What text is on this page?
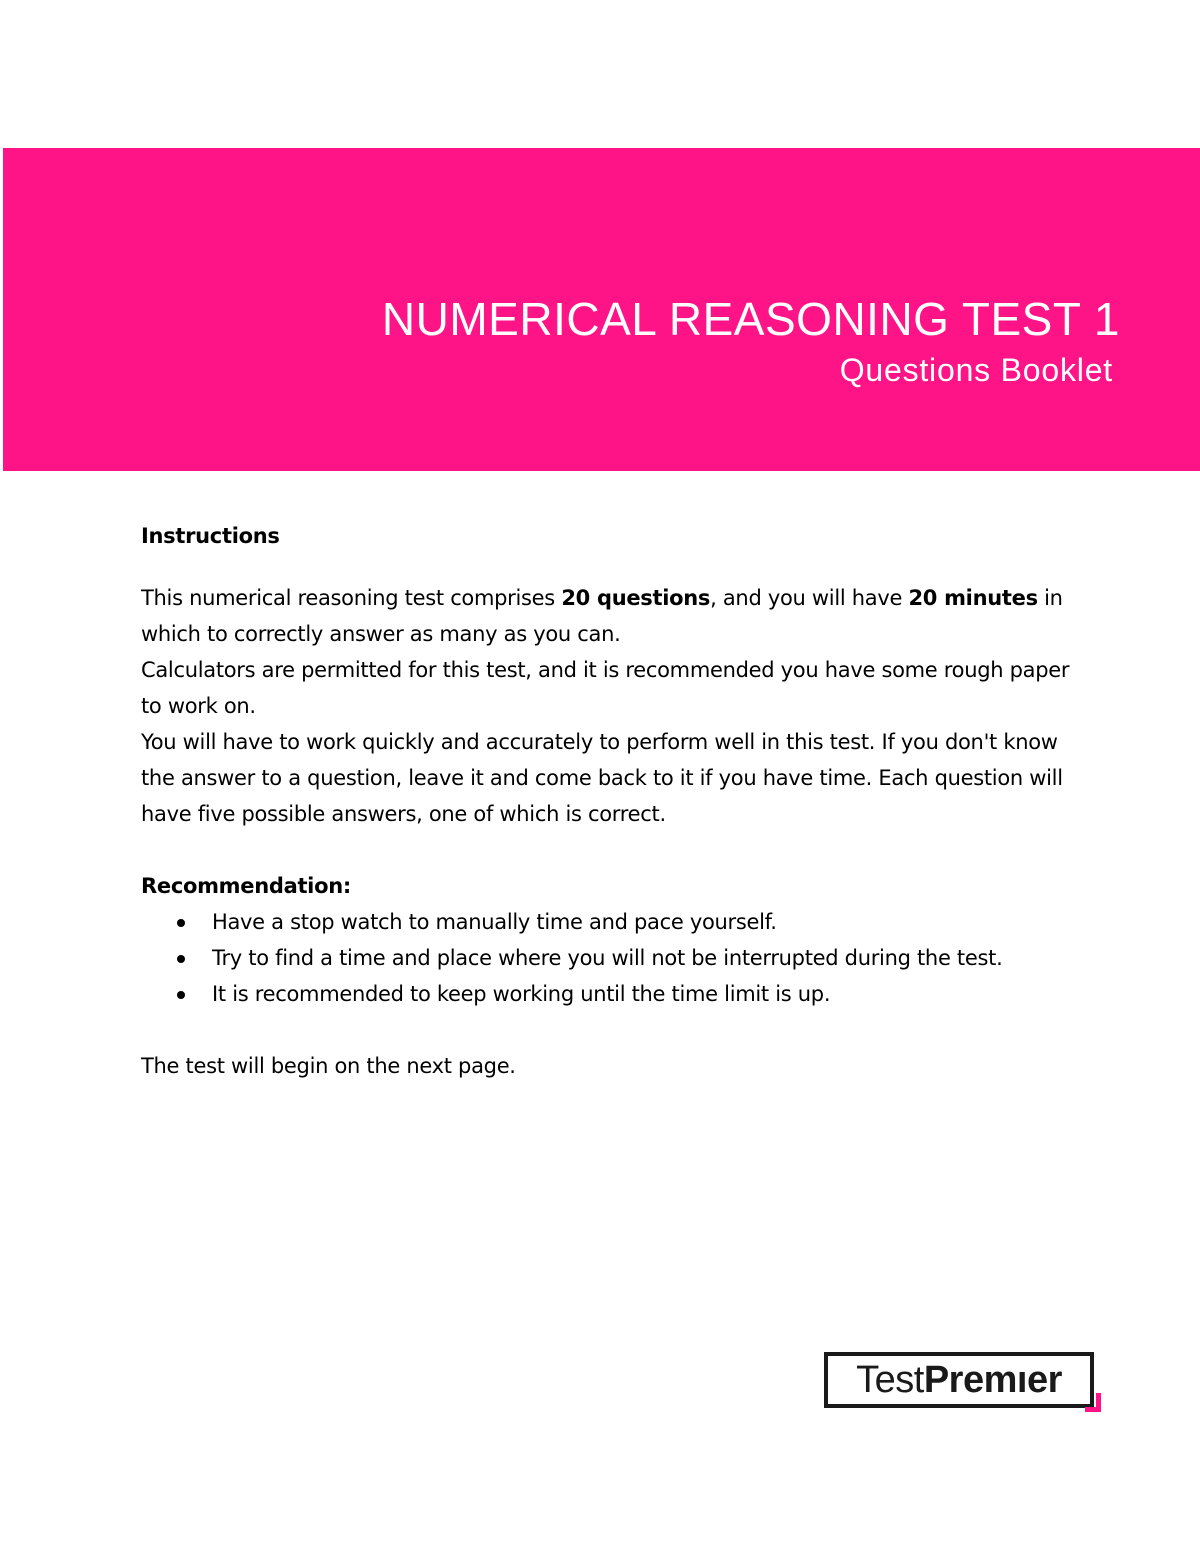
NUMERICAL REASONING TEST 1
Questions Booklet

Instructions

This numerical reasoning test comprises 20 questions, and you will have 20 minutes in which to correctly answer as many as you can.

Calculators are permitted for this test, and it is recommended you have some rough paper to work on.

You will have to work quickly and accurately to perform well in this test. If you don't know the answer to a question, leave it and come back to it if you have time. Each question will have five possible answers, one of which is correct.

Recommendation:

Have a stop watch to manually time and pace yourself.
Try to find a time and place where you will not be interrupted during the test.
It is recommended to keep working until the time limit is up.

The test will begin on the next page.

Test Premıer
